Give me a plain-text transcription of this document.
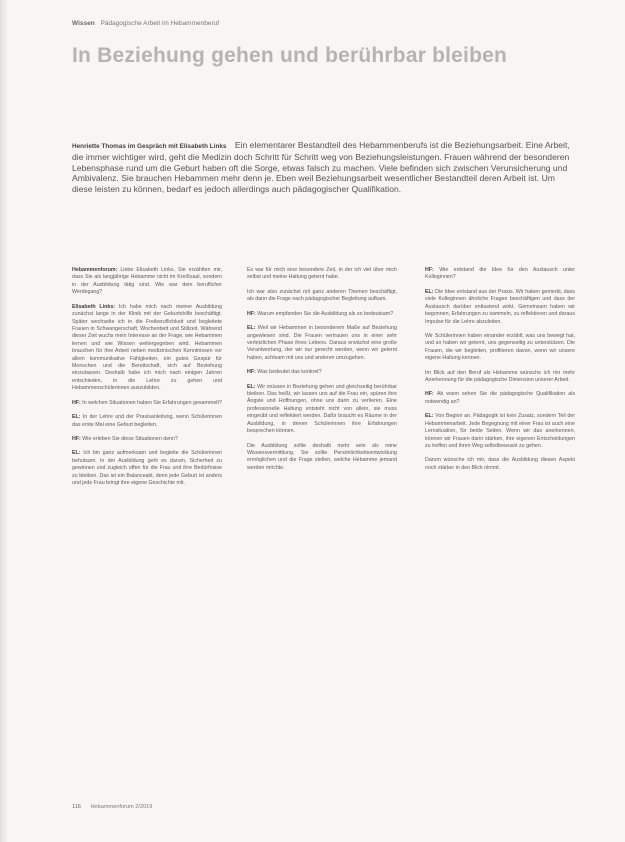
Wissen Pädagogische Arbeit im Hebammenberuf
In Beziehung gehen und berührbar bleiben
Henriette Thomas im Gespräch mit Elisabeth Links Ein elementarer Bestandteil des Hebammenberufs ist die Beziehungsarbeit. Eine Arbeit, die immer wichtiger wird, geht die Medizin doch Schritt für Schritt weg von Beziehungsleistungen. Frauen während der besonderen Lebensphase rund um die Geburt haben oft die Sorge, etwas falsch zu machen. Viele befinden sich zwischen Verunsicherung und Ambivalenz. Sie brauchen Hebammen mehr denn je. Eben weil Beziehungsarbeit wesentlicher Bestandteil deren Arbeit ist. Um diese leisten zu können, bedarf es jedoch allerdings auch pädagogischer Qualifikation.

Hebammenforum: Liebe Elisabeth Links, Sie erzählten mir, dass Sie als langjährige Hebamme nicht im Kreißsaal, sondern in der Ausbildung tätig sind. Wie war dein beruflicher Werdegang?

Elisabeth Links: Ich habe mich nach meiner Ausbildung zunächst lange in der Klinik mit der Geburtshilfe beschäftigt. Später wechselte ich in die Freiberuflichkeit und begleitete Frauen in Schwangerschaft, Wochenbett und Stillzeit. Während dieser Zeit wuchs mein Interesse an der Frage, wie Hebammen lernen und wie Wissen weitergegeben wird. Hebammen brauchen für ihre Arbeit neben medizinischen Kenntnissen vor allem kommunikative Fähigkeiten, ein gutes Gespür für Menschen und die Bereitschaft, sich auf Beziehung einzulassen. Deshalb habe ich mich nach einigen Jahren entschieden, in die Lehre zu gehen und Hebammenschülerinnen auszubilden.

HF: In welchen Situationen haben Sie Erfahrungen gesammelt?

EL: In der Lehre und der Praxisanleitung, wenn Schülerinnen das erste Mal eine Geburt begleiten.

HF: Wie erleben Sie diese Situationen denn?

EL: Ich bin ganz aufmerksam und begleite die Schülerinnen behutsam. In der Ausbildung geht es darum, Sicherheit zu gewinnen und zugleich offen für die Frau und ihre Bedürfnisse zu bleiben. Das ist ein Balanceakt, denn jede Geburt ist anders und jede Frau bringt ihre eigene Geschichte mit.

Es war für mich eine besondere Zeit, in der ich viel über mich selbst und meine Haltung gelernt habe.

Ich war also zunächst mit ganz anderen Themen beschäftigt, als dann die Frage nach pädagogischer Begleitung aufkam.

HF: Warum empfanden Sie die Ausbildung als so bedeutsam?

EL: Weil wir Hebammen in besonderem Maße auf Beziehung angewiesen sind. Die Frauen vertrauen uns in einer sehr verletzlichen Phase ihres Lebens. Daraus erwächst eine große Verantwortung, der wir nur gerecht werden, wenn wir gelernt haben, achtsam mit uns und anderen umzugehen.

HF: Was bedeutet das konkret?

EL: Wir müssen in Beziehung gehen und gleichzeitig berührbar bleiben. Das heißt, wir lassen uns auf die Frau ein, spüren ihre Ängste und Hoffnungen, ohne uns darin zu verlieren. Eine professionelle Haltung entsteht nicht von allein, sie muss eingeübt und reflektiert werden. Dafür braucht es Räume in der Ausbildung, in denen Schülerinnen ihre Erfahrungen besprechen können.

Die Ausbildung sollte deshalb mehr sein als reine Wissensvermittlung. Sie sollte Persönlichkeitsentwicklung ermöglichen und die Frage stellen, welche Hebamme jemand werden möchte.

HF: Wie entstand die Idee für den Austausch unter Kolleginnen?

EL: Die Idee entstand aus der Praxis. Wir haben gemerkt, dass viele Kolleginnen ähnliche Fragen beschäftigen und dass der Austausch darüber entlastend wirkt. Gemeinsam haben wir begonnen, Erfahrungen zu sammeln, zu reflektieren und daraus Impulse für die Lehre abzuleiten.

Wir Schülerinnen haben einander erzählt, was uns bewegt hat, und so haben wir gelernt, uns gegenseitig zu unterstützen. Die Frauen, die wir begleiten, profitieren davon, wenn wir unsere eigene Haltung kennen.

Im Blick auf den Beruf als Hebamme wünsche ich mir mehr Anerkennung für die pädagogische Dimension unserer Arbeit.

HF: Ab wann sehen Sie die pädagogische Qualifikation als notwendig an?

EL: Von Beginn an. Pädagogik ist kein Zusatz, sondern Teil der Hebammenarbeit. Jede Begegnung mit einer Frau ist auch eine Lernsituation, für beide Seiten. Wenn wir das anerkennen, können wir Frauen darin stärken, ihre eigenen Entscheidungen zu treffen und ihren Weg selbstbewusst zu gehen.

Darum wünsche ich mir, dass die Ausbildung diesen Aspekt noch stärker in den Blick nimmt.

116 Hebammenforum 2/2019
